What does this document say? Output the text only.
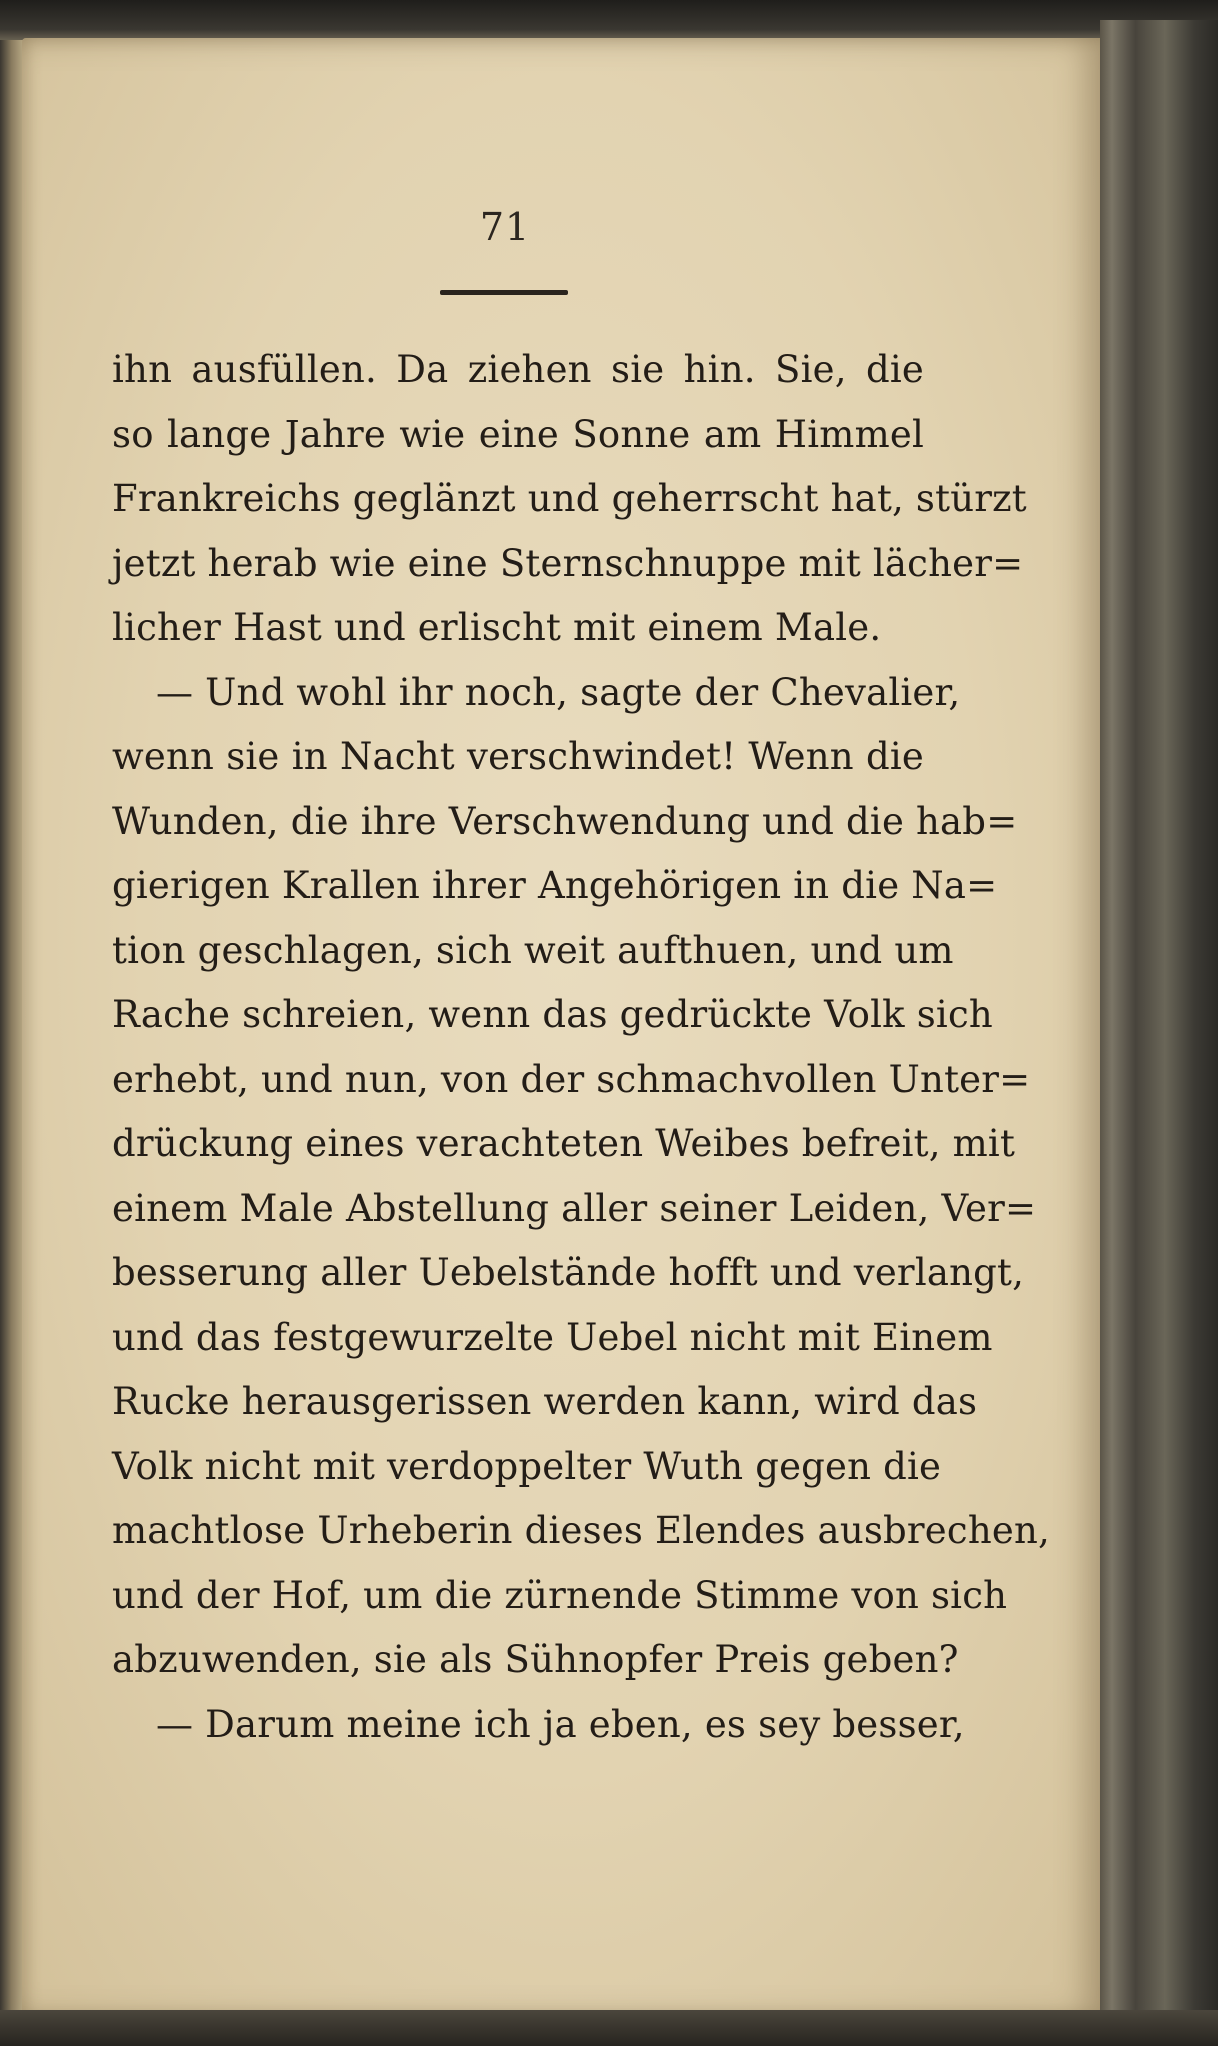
71
ihn ausfüllen. Da ziehen sie hin. Sie, die
so lange Jahre wie eine Sonne am Himmel
Frankreichs geglänzt und geherrscht hat, stürzt
jetzt herab wie eine Sternschnuppe mit lächer=
licher Hast und erlischt mit einem Male.
— Und wohl ihr noch, sagte der Chevalier,
wenn sie in Nacht verschwindet! Wenn die
Wunden, die ihre Verschwendung und die hab=
gierigen Krallen ihrer Angehörigen in die Na=
tion geschlagen, sich weit aufthuen, und um
Rache schreien, wenn das gedrückte Volk sich
erhebt, und nun, von der schmachvollen Unter=
drückung eines verachteten Weibes befreit, mit
einem Male Abstellung aller seiner Leiden, Ver=
besserung aller Uebelstände hofft und verlangt,
und das festgewurzelte Uebel nicht mit Einem
Rucke herausgerissen werden kann, wird das
Volk nicht mit verdoppelter Wuth gegen die
machtlose Urheberin dieses Elendes ausbrechen,
und der Hof, um die zürnende Stimme von sich
abzuwenden, sie als Sühnopfer Preis geben?
— Darum meine ich ja eben, es sey besser,
